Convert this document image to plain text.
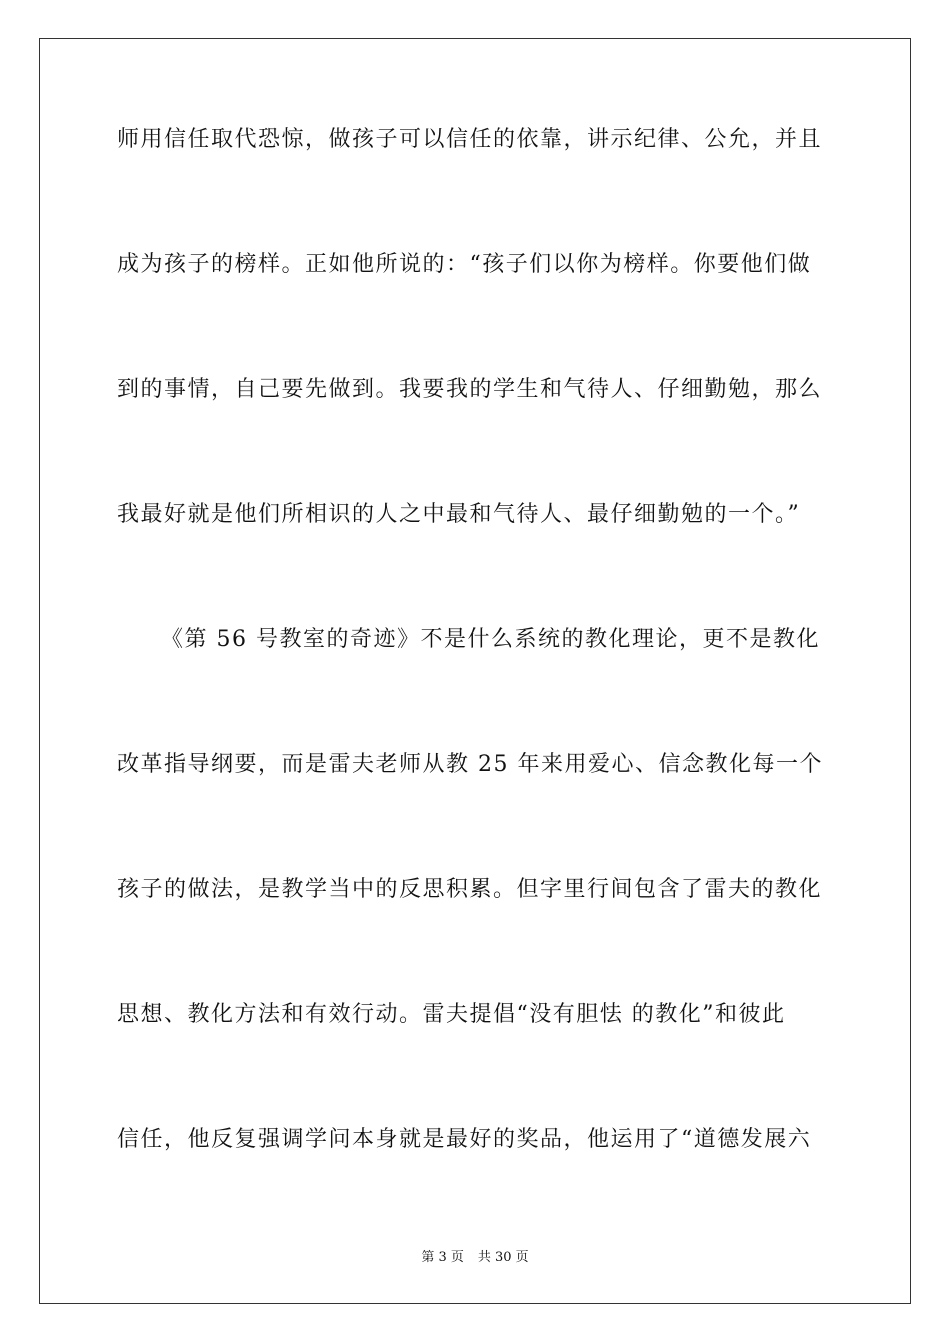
师用信任取代恐惊，做孩子可以信任的依靠，讲示纪律、公允，并且
成为孩子的榜样。正如他所说的：“孩子们以你为榜样。你要他们做
到的事情，自己要先做到。我要我的学生和气待人、仔细勤勉，那么
我最好就是他们所相识的人之中最和气待人、最仔细勤勉的一个。”
《第 56 号教室的奇迹》不是什么系统的教化理论，更不是教化
改革指导纲要，而是雷夫老师从教 25 年来用爱心、信念教化每一个
孩子的做法，是教学当中的反思积累。但字里行间包含了雷夫的教化
思想、教化方法和有效行动。雷夫提倡“没有胆怯 的教化”和彼此
信任，他反复强调学问本身就是最好的奖品，他运用了“道德发展六
第 3 页 共 30 页
